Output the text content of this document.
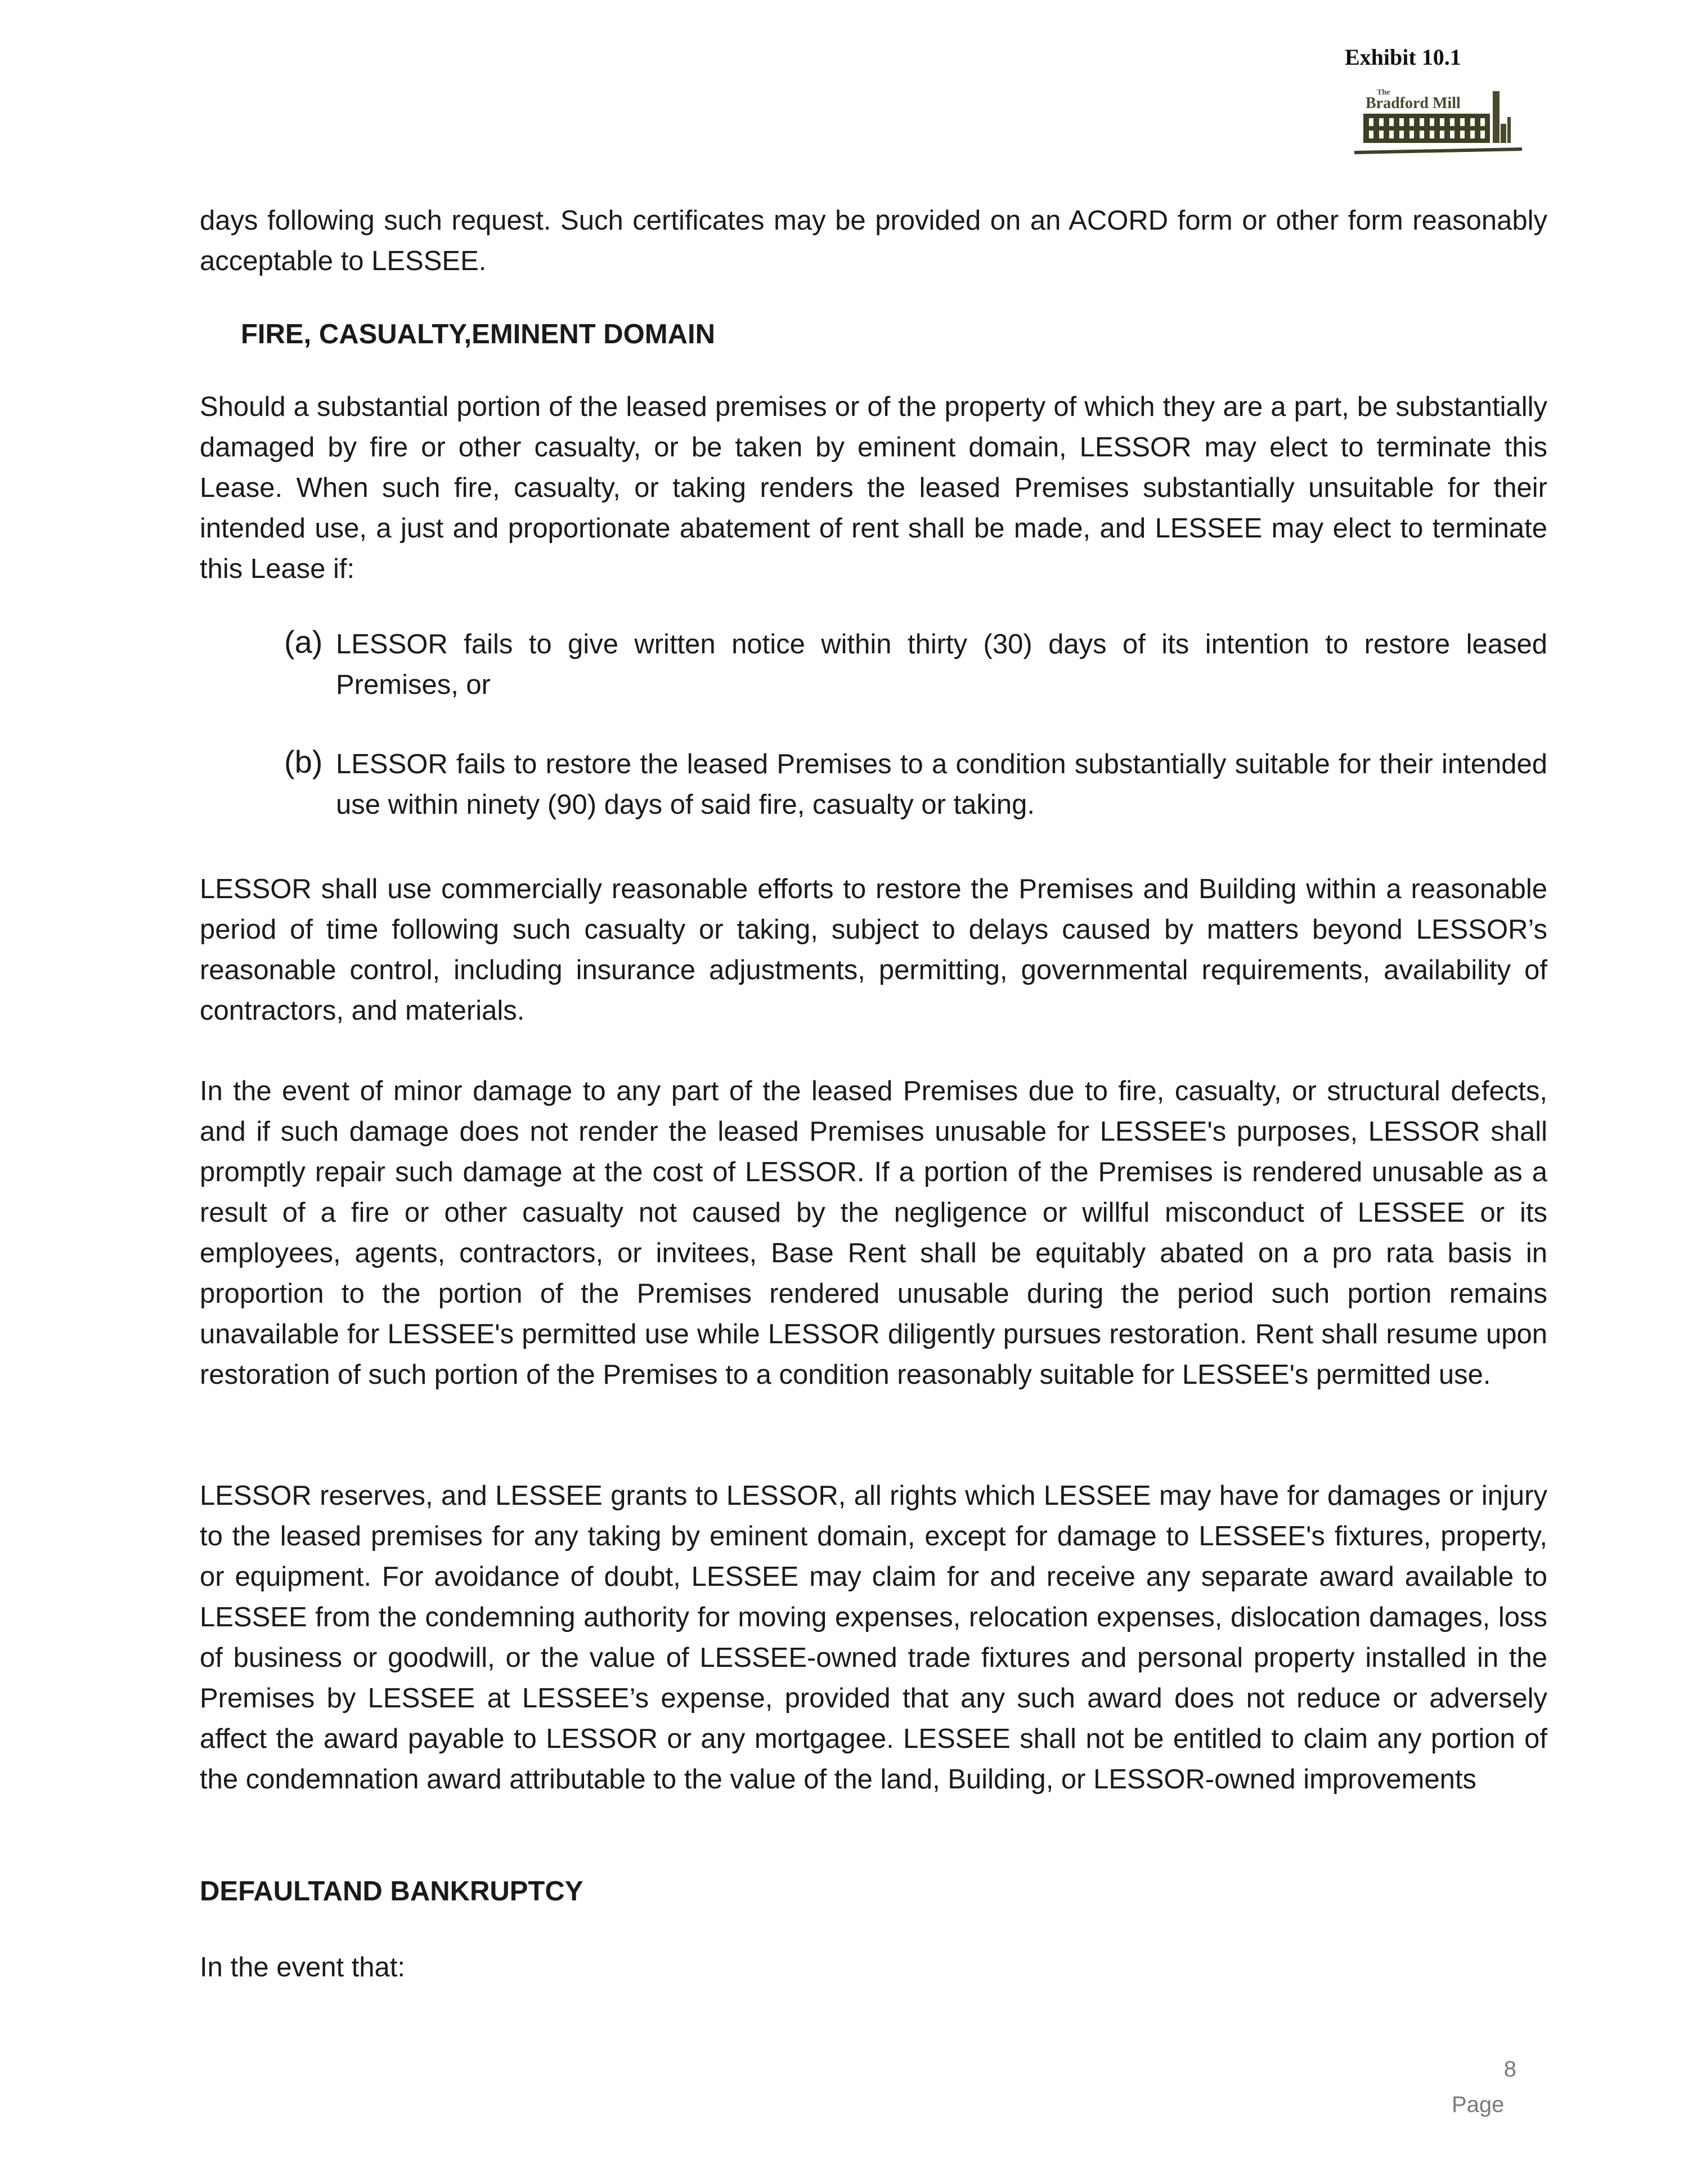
Exhibit 10.1
The
Bradford Mill

days following such request. Such certificates may be provided on an ACORD form or other form reasonably acceptable to LESSEE.

FIRE, CASUALTY,EMINENT DOMAIN

Should a substantial portion of the leased premises or of the property of which they are a part, be substantially damaged by fire or other casualty, or be taken by eminent domain, LESSOR may elect to terminate this Lease. When such fire, casualty, or taking renders the leased Premises substantially unsuitable for their intended use, a just and proportionate abatement of rent shall be made, and LESSEE may elect to terminate this Lease if:

(a) LESSOR fails to give written notice within thirty (30) days of its intention to restore leased Premises, or
(b) LESSOR fails to restore the leased Premises to a condition substantially suitable for their intended use within ninety (90) days of said fire, casualty or taking.

LESSOR shall use commercially reasonable efforts to restore the Premises and Building within a reasonable period of time following such casualty or taking, subject to delays caused by matters beyond LESSOR’s reasonable control, including insurance adjustments, permitting, governmental requirements, availability of contractors, and materials.

In the event of minor damage to any part of the leased Premises due to fire, casualty, or structural defects, and if such damage does not render the leased Premises unusable for LESSEE's purposes, LESSOR shall promptly repair such damage at the cost of LESSOR. If a portion of the Premises is rendered unusable as a result of a fire or other casualty not caused by the negligence or willful misconduct of LESSEE or its employees, agents, contractors, or invitees, Base Rent shall be equitably abated on a pro rata basis in proportion to the portion of the Premises rendered unusable during the period such portion remains unavailable for LESSEE's permitted use while LESSOR diligently pursues restoration. Rent shall resume upon restoration of such portion of the Premises to a condition reasonably suitable for LESSEE's permitted use.

LESSOR reserves, and LESSEE grants to LESSOR, all rights which LESSEE may have for damages or injury to the leased premises for any taking by eminent domain, except for damage to LESSEE's fixtures, property, or equipment. For avoidance of doubt, LESSEE may claim for and receive any separate award available to LESSEE from the condemning authority for moving expenses, relocation expenses, dislocation damages, loss of business or goodwill, or the value of LESSEE-owned trade fixtures and personal property installed in the Premises by LESSEE at LESSEE’s expense, provided that any such award does not reduce or adversely affect the award payable to LESSOR or any mortgagee. LESSEE shall not be entitled to claim any portion of the condemnation award attributable to the value of the land, Building, or LESSOR-owned improvements

DEFAULTAND BANKRUPTCY

In the event that:

8
Page
